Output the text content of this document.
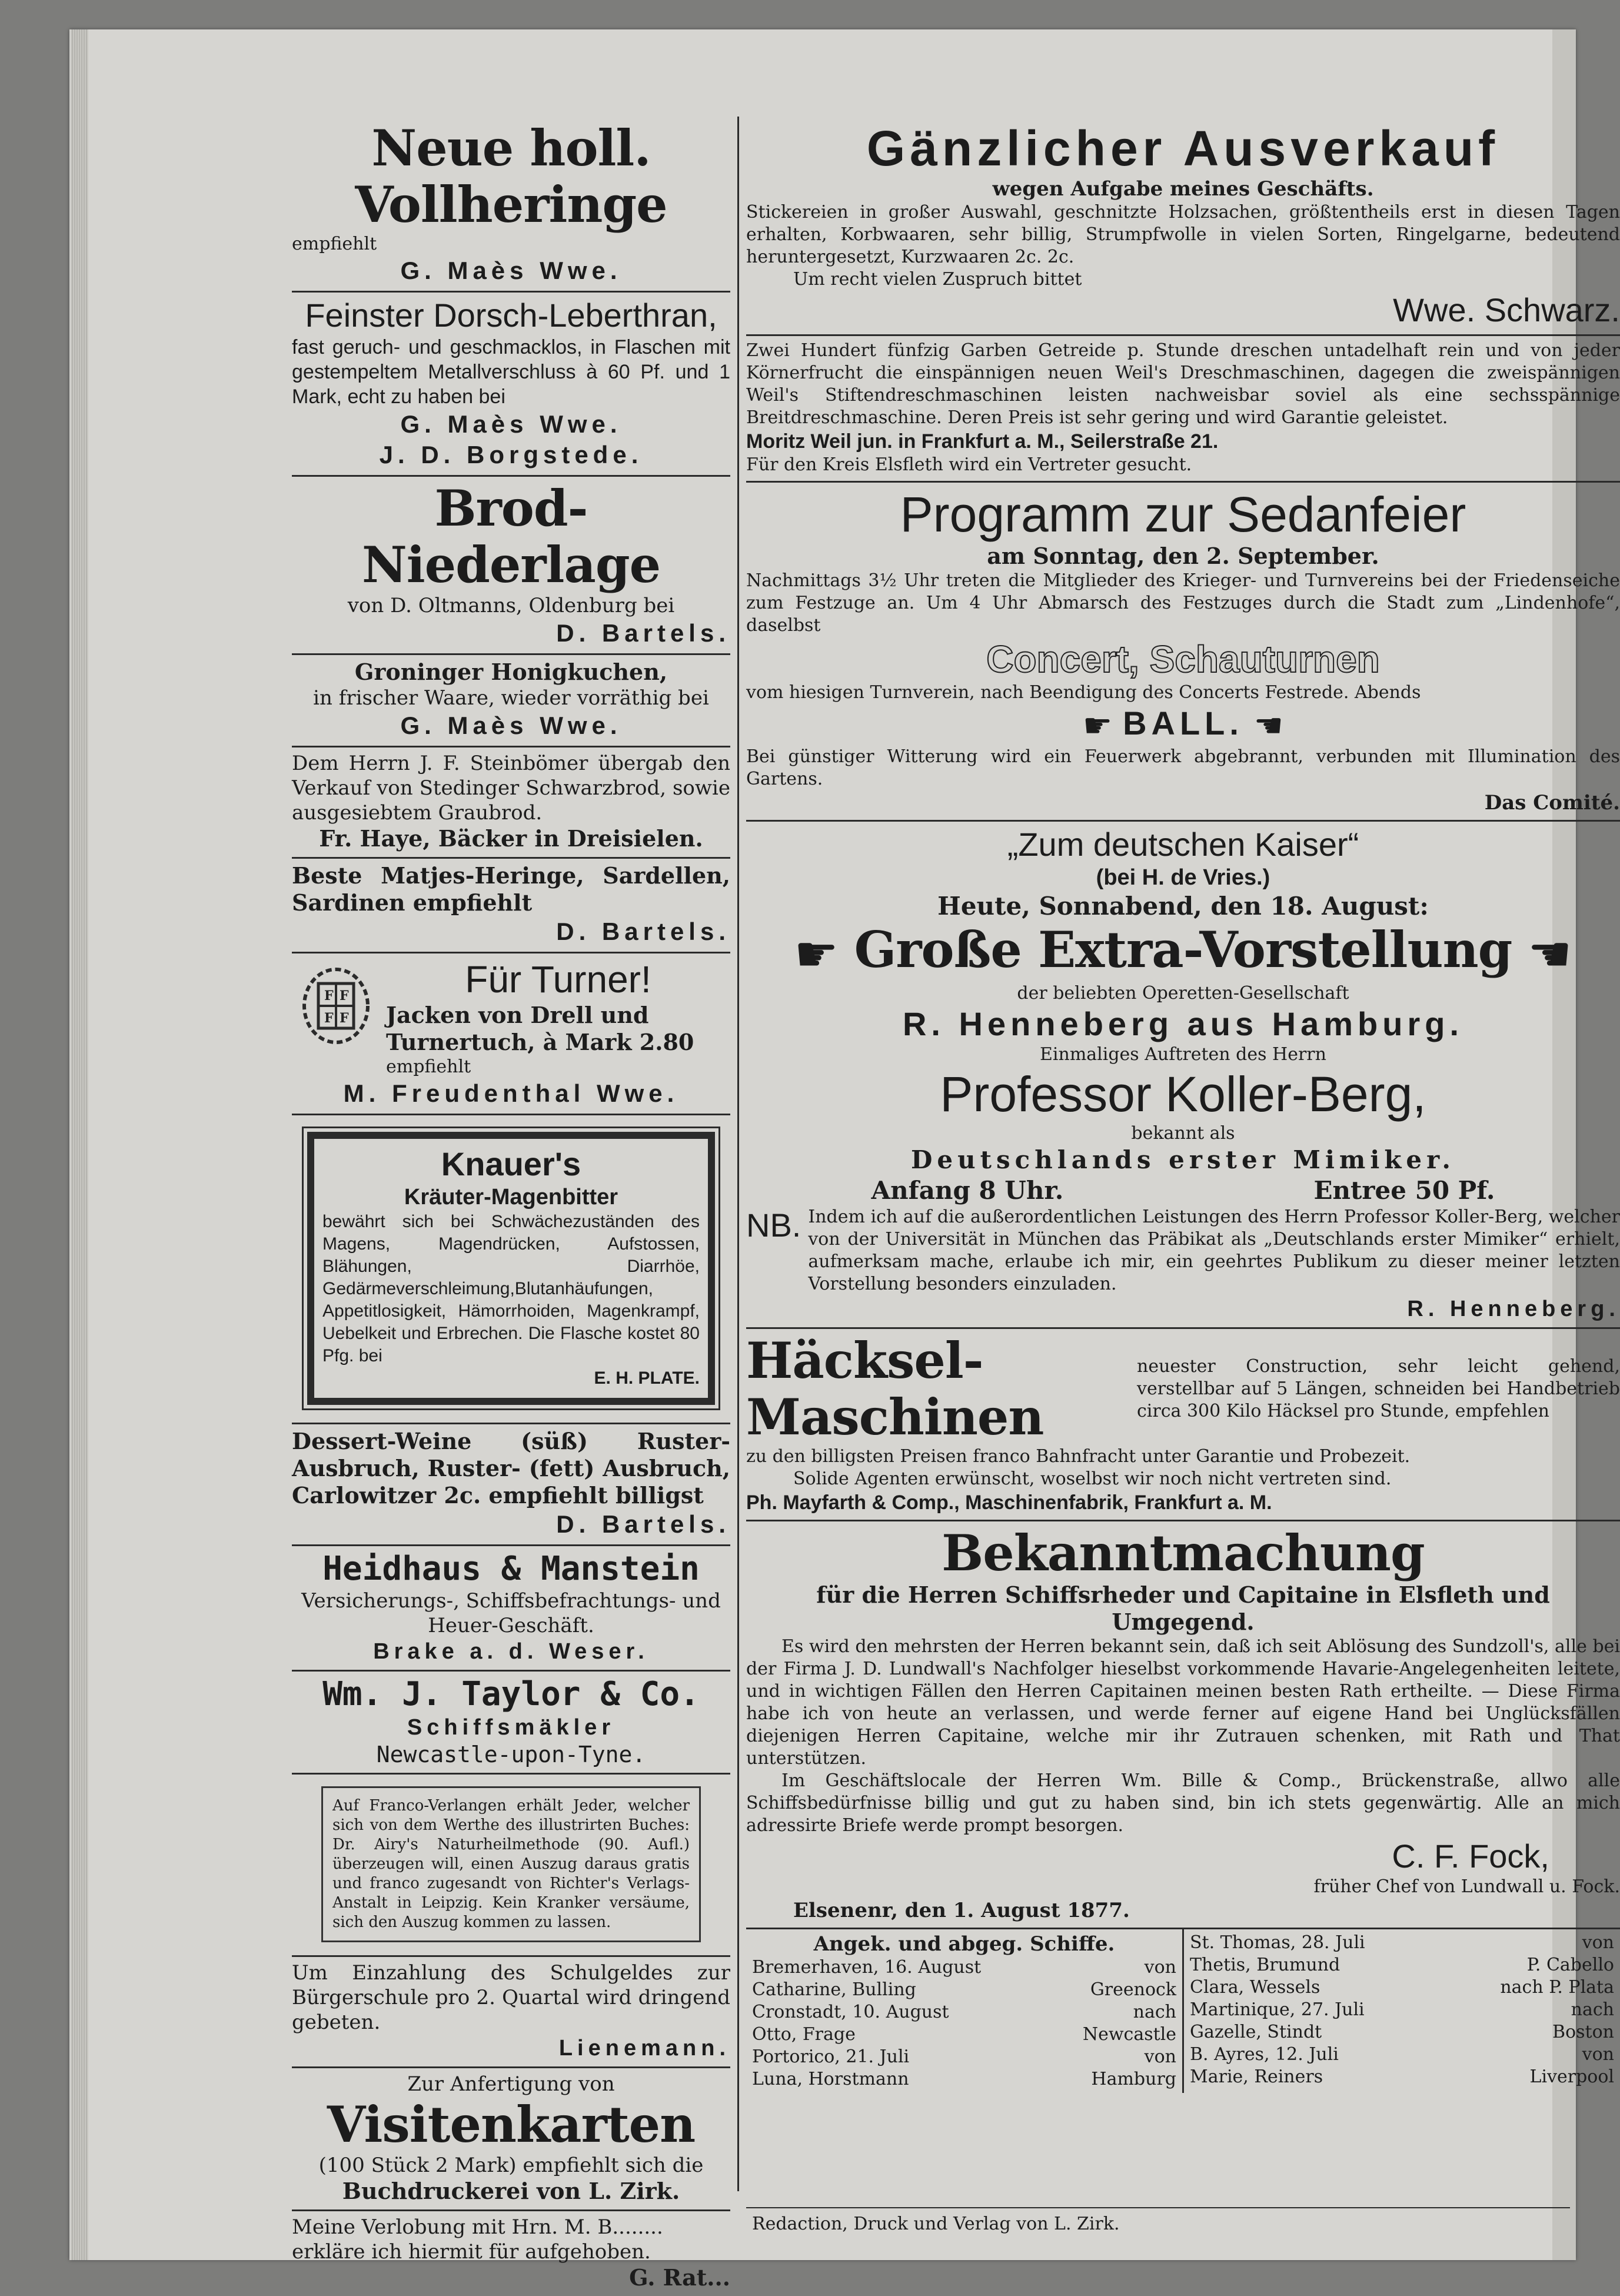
Neue holl. Vollheringe
empfiehlt
G. Maès Wwe.
Feinster Dorsch-Leberthran,
fast geruch- und geschmacklos, in Flaschen mit gestempeltem Metallverschluss à 60 Pf. und 1 Mark, echt zu haben bei
G. Maès Wwe.
J. D. Borgstede.
Brod-Niederlage
von D. Oltmanns, Oldenburg bei
D. Bartels.
Groninger Honigkuchen,
in frischer Waare, wieder vorräthig bei
G. Maès Wwe.
Dem Herrn J. F. Steinbömer übergab den Verkauf von Stedinger Schwarzbrod, sowie ausgesiebtem Graubrod.
Fr. Haye, Bäcker in Dreisielen.
Beste Matjes-Heringe, Sardellen, Sardinen empfiehlt
D. Bartels.
F F
F F
Für Turner!
Jacken von Drell und Turnertuch, à Mark 2.80
empfiehlt
M. Freudenthal Wwe.
Knauer's
Kräuter-Magenbitter
bewährt sich bei Schwächezuständen des Magens, Magendrücken, Aufstossen, Blähungen, Diarrhöe, Gedärmeverschleimung,Blutanhäufungen, Appetitlosigkeit, Hämorrhoiden, Magenkrampf, Uebelkeit und Erbrechen. Die Flasche kostet 80 Pfg. bei
E. H. PLATE.
Dessert-Weine (süß) Ruster-Ausbruch, Ruster- (fett) Ausbruch, Carlowitzer 2c. empfiehlt billigst
D. Bartels.
Heidhaus & Manstein
Versicherungs-, Schiffsbefrachtungs- und Heuer-Geschäft.
Brake a. d. Weser.
Wm. J. Taylor & Co.
Schiffsmäkler
Newcastle-upon-Tyne.
Auf Franco-Verlangen erhält Jeder, welcher sich von dem Werthe des illustrirten Buches: Dr. Airy's Naturheilmethode (90. Aufl.) überzeugen will, einen Auszug daraus gratis und franco zugesandt von Richter's Verlags-Anstalt in Leipzig. Kein Kranker versäume, sich den Auszug kommen zu lassen.
Um Einzahlung des Schulgeldes zur Bürgerschule pro 2. Quartal wird dringend gebeten.
Lienemann.
Zur Anfertigung von
Visitenkarten
(100 Stück 2 Mark) empfiehlt sich die
Buchdruckerei von L. Zirk.
Meine Verlobung mit Hrn. M. B........
erkläre ich hiermit für aufgehoben.
G. Rat...
Gänzlicher Ausverkauf
wegen Aufgabe meines Geschäfts.
Stickereien in großer Auswahl, geschnitzte Holzsachen, größtentheils erst in diesen Tagen erhalten, Korbwaaren, sehr billig, Strumpfwolle in vielen Sorten, Ringelgarne, bedeutend heruntergesetzt, Kurzwaaren 2c. 2c.
Um recht vielen Zuspruch bittet
Wwe. Schwarz.
Zwei Hundert fünfzig Garben Getreide p. Stunde dreschen untadelhaft rein und von jeder Körnerfrucht die einspännigen neuen Weil's Dreschmaschinen, dagegen die zweispännigen Weil's Stiftendreschmaschinen leisten nachweisbar soviel als eine sechsspännige Breitdreschmaschine. Deren Preis ist sehr gering und wird Garantie geleistet.
Moritz Weil jun. in Frankfurt a. M., Seilerstraße 21.
Für den Kreis Elsfleth wird ein Vertreter gesucht.
Programm zur Sedanfeier
am Sonntag, den 2. September.
Nachmittags 3½ Uhr treten die Mitglieder des Krieger- und Turnvereins bei der Friedenseiche zum Festzuge an. Um 4 Uhr Abmarsch des Festzuges durch die Stadt zum „Lindenhofe“, daselbst
Concert, Schauturnen
vom hiesigen Turnverein, nach Beendigung des Concerts Festrede. Abends
☛ BALL. ☚
Bei günstiger Witterung wird ein Feuerwerk abgebrannt, verbunden mit Illumination des Gartens.
Das Comité.
„Zum deutschen Kaiser“
(bei H. de Vries.)
Heute, Sonnabend, den 18. August:
☛ Große Extra-Vorstellung ☚
der beliebten Operetten-Gesellschaft
R. Henneberg aus Hamburg.
Einmaliges Auftreten des Herrn
Professor Koller-Berg,
bekannt als
Deutschlands erster Mimiker.
Anfang 8 Uhr.	Entree 50 Pf.
NB. Indem ich auf die außerordentlichen Leistungen des Herrn Professor Koller-Berg, welcher von der Universität in München das Präbikat als „Deutschlands erster Mimiker“ erhielt, aufmerksam mache, erlaube ich mir, ein geehrtes Publikum zu dieser meiner letzten Vorstellung besonders einzuladen.
R. Henneberg.
Häcksel-Maschinen
neuester Construction, sehr leicht gehend, verstellbar auf 5 Längen, schneiden bei Handbetrieb circa 300 Kilo Häcksel pro Stunde, empfehlen
zu den billigsten Preisen franco Bahnfracht unter Garantie und Probezeit.
Solide Agenten erwünscht, woselbst wir noch nicht vertreten sind.
Ph. Mayfarth & Comp., Maschinenfabrik, Frankfurt a. M.
Bekanntmachung
für die Herren Schiffsrheder und Capitaine in Elsfleth und Umgegend.
Es wird den mehrsten der Herren bekannt sein, daß ich seit Ablösung des Sundzoll's, alle bei der Firma J. D. Lundwall's Nachfolger hieselbst vorkommende Havarie-Angelegenheiten leitete, und in wichtigen Fällen den Herren Capitainen meinen besten Rath ertheilte. — Diese Firma habe ich von heute an verlassen, und werde ferner auf eigene Hand bei Unglücksfällen diejenigen Herren Capitaine, welche mir ihr Zutrauen schenken, mit Rath und That unterstützen.
Im Geschäftslocale der Herren Wm. Bille & Comp., Brückenstraße, allwo alle Schiffsbedürfnisse billig und gut zu haben sind, bin ich stets gegenwärtig. Alle an mich adressirte Briefe werde prompt besorgen.
C. F. Fock,
früher Chef von Lundwall u. Fock.
Elsenenr, den 1. August 1877.
Angek. und abgeg. Schiffe.
Bremerhaven, 16. August	von
Catharine, Bulling	Greenock
Cronstadt, 10. August	nach
Otto, Frage	Newcastle
Portorico, 21. Juli	von
Luna, Horstmann	Hamburg
St. Thomas, 28. Juli	von
Thetis, Brumund	P. Cabello
Clara, Wessels	nach P. Plata
Martinique, 27. Juli	nach
Gazelle, Stindt	Boston
B. Ayres, 12. Juli	von
Marie, Reiners	Liverpool
Redaction, Druck und Verlag von L. Zirk.
